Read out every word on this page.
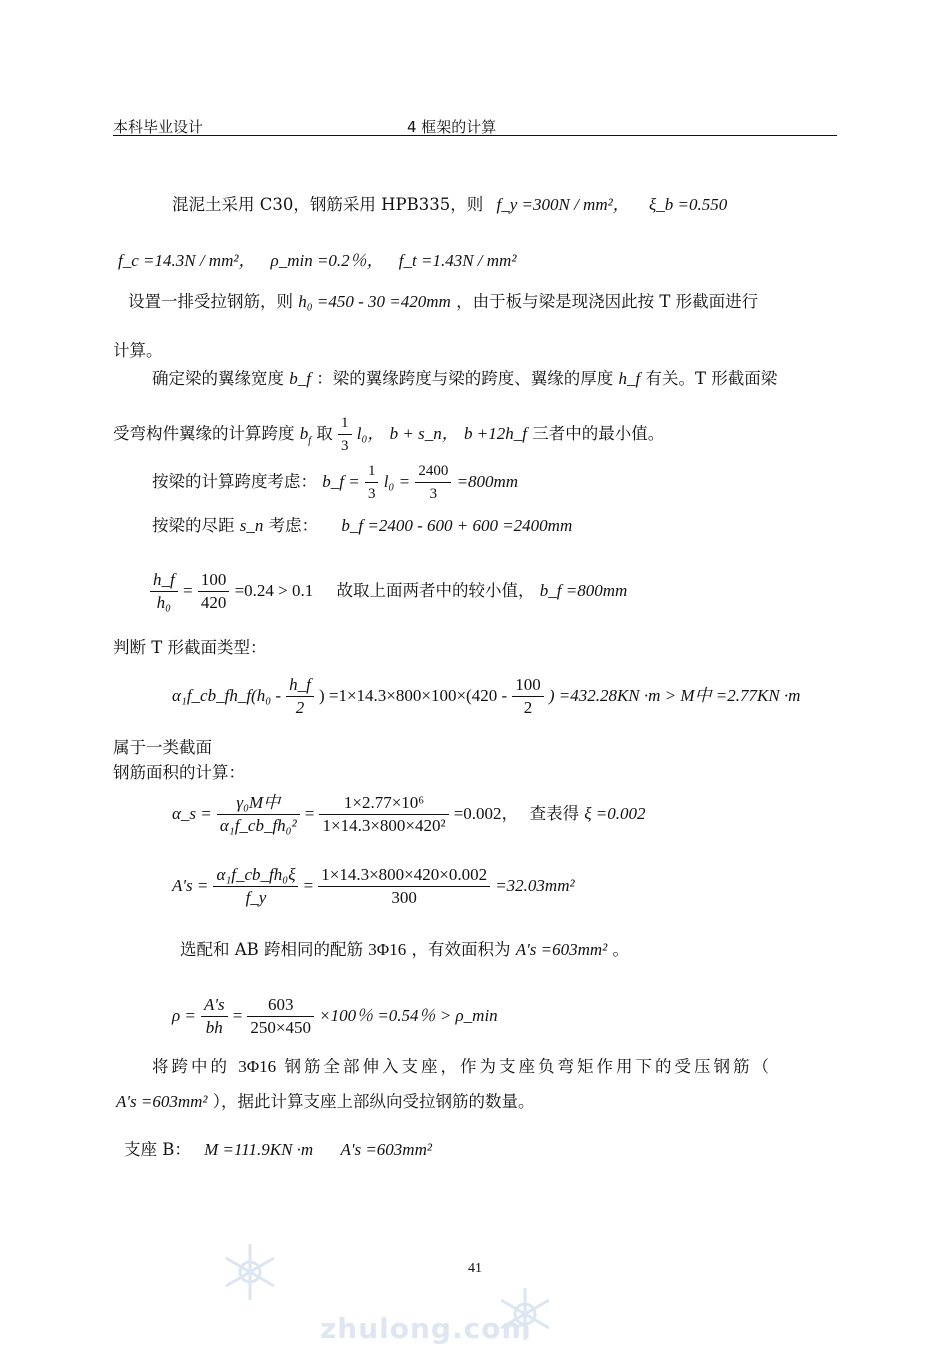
本科毕业设计	4 框架的计算
混泥土采用 C30，钢筋采用 HPB335，则 f_y =300N / mm²， ξ_b =0.550
f_c =14.3N / mm²， ρ_min =0.2％， f_t =1.43N / mm²
设置一排受拉钢筋，则 h₀ =450 - 30 =420mm ，由于板与梁是现浇因此按 T 形截面进行
计算。
确定梁的翼缘宽度 b_f ：梁的翼缘跨度与梁的跨度、翼缘的厚度 h_f 有关。T 形截面梁
受弯构件翼缘的计算跨度 $b_f$ 取 $\frac{1}{3} l_0$， b + s_n， b +12h_f 三者中的最小值。
按梁的计算跨度考虑： b_f = $\frac{1}{3} l_0 = \frac{2400}{3} =800mm$
按梁的尽距 s_n 考虑： b_f =2400 - 600 + 600 =2400mm
$\frac{h\_f}{\text{h₀}} = \frac{100}{420} =0.24 > 0.1$ 故取上面两者中的较小值， b_f =800mm
判断 T 形截面类型：
α₁f_cb_fh_f(h₀ - $\frac{h\_f}{2}$ ) $=1\times 14.3\times 800\times 100\times(420 - \frac{100}{2}$ ) =432.28KN ·m > M中 =2.77KN ·m
属于一类截面
钢筋面积的计算：
α_s = $\frac{\text{γ₀M中}}{\text{α₁f\_cb\_fh₀²}} = \frac{\text{1×2.77×10⁶}}{\text{1×14.3×800×420²}} =0.002$， 查表得 ξ =0.002
$A's = \frac{\text{α₁f\_cb\_fh₀ξ}}{f\_y} = \frac{1\times 14.3\times 800\times 420\times 0.002}{300} =32.03mm^2$
选配和 AB 跨相同的配筋 3Φ16 ，有效面积为 A's =603mm² 。
$\rho = \frac{A's}{bh} = \frac{603}{250\times 450} \times 100$％ =0.54％ > ρ_min
将跨中的 3Φ16 钢筋全部伸入支座，作为支座负弯矩作用下的受压钢筋（
A's =603mm² ），据此计算支座上部纵向受拉钢筋的数量。
支座 B： M =111.9KN ·m A's =603mm²
zhulong.com
41
